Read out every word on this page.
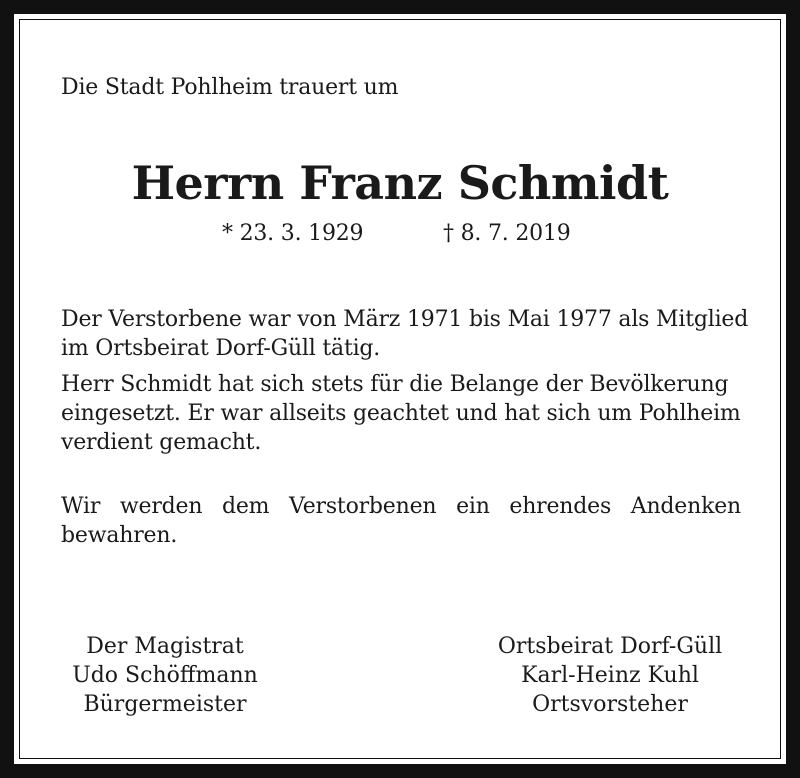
Die Stadt Pohlheim trauert um
Herrn Franz Schmidt
* 23. 3. 1929	† 8. 7. 2019
Der Verstorbene war von März 1971 bis Mai 1977 als Mitglied im Ortsbeirat Dorf-Güll tätig.
Herr Schmidt hat sich stets für die Belange der Bevölkerung eingesetzt. Er war allseits geachtet und hat sich um Pohlheim verdient gemacht.
Wir werden dem Verstorbenen ein ehrendes Andenken bewahren.
Der Magistrat
Udo Schöffmann
Bürgermeister
Ortsbeirat Dorf-Güll
Karl-Heinz Kuhl
Ortsvorsteher
